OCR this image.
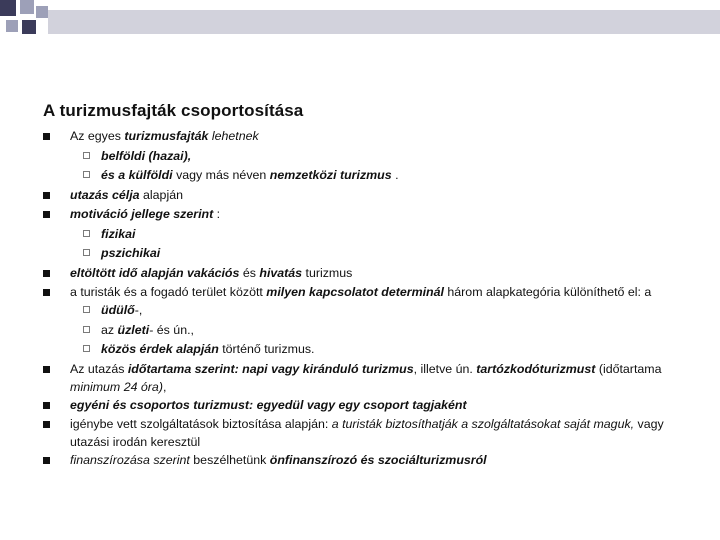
A turizmusfajták csoportosítása
Az egyes turizmusfajták lehetnek
belföldi (hazai),
és a külföldi vagy más néven nemzetközi turizmus .
utazás célja alapján
motiváció jellege szerint :
fizikai
pszichikai
eltöltött idő alapján vakációs és hivatás turizmus
a turisták és a fogadó terület között milyen kapcsolatot determinál három alapkategória különíthető el: a
üdülő-,
az üzleti- és ún.,
közös érdek alapján történő turizmus.
Az utazás időtartama szerint: napi vagy kiránduló turizmus, illetve ún. tartózkodóturizmust (időtartama minimum 24 óra),
egyéni és csoportos turizmust: egyedül vagy egy csoport tagjaként
igénybe vett szolgáltatások biztosítása alapján: a turisták biztosíthatják a szolgáltatásokat saját maguk, vagy utazási irodán keresztül
finanszírozása szerint beszélhetünk önfinanszírozó és szociálturizmusról
